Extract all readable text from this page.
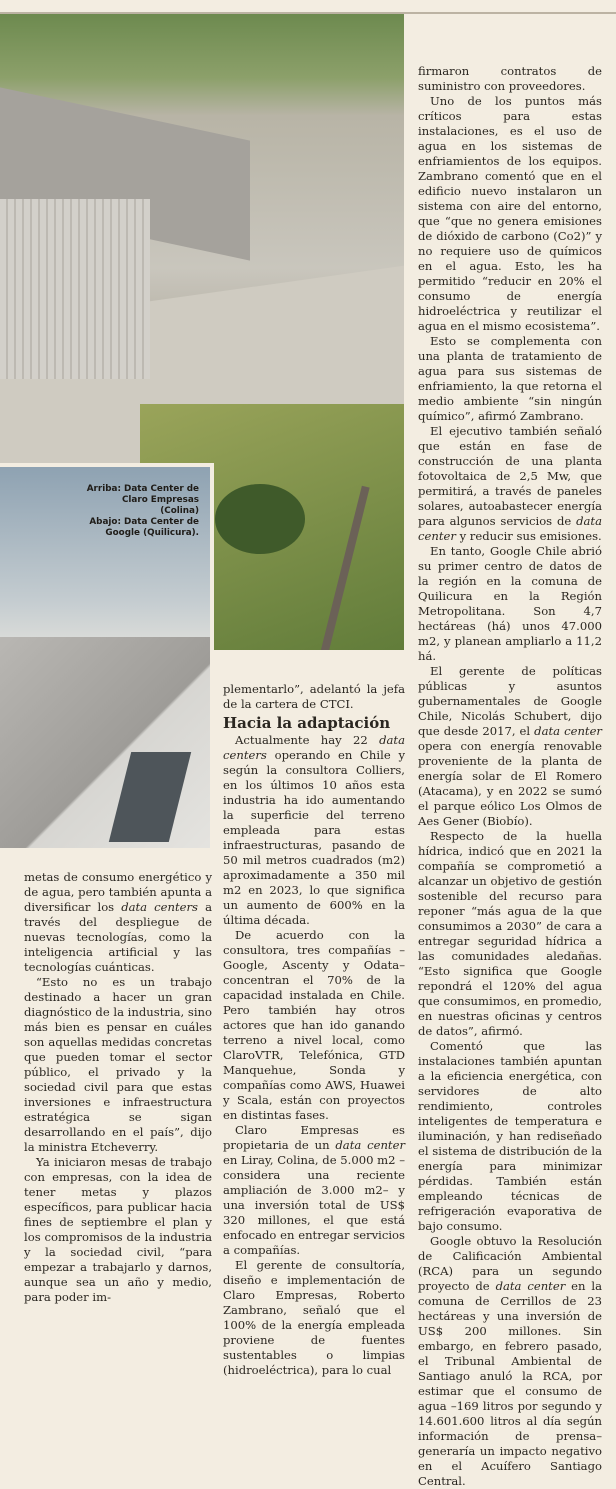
Arriba: Data Center de Claro Empresas (Colina)
Abajo: Data Center de Google (Quilicura).

metas de consumo energético y de agua, pero también apunta a diversificar los data centers a través del despliegue de nuevas tecnologías, como la inteligencia artificial y las tecnologías cuánticas.

“Esto no es un trabajo destinado a hacer un gran diagnóstico de la industria, sino más bien es pensar en cuáles son aquellas medidas concretas que pueden tomar el sector público, el privado y la sociedad civil para que estas inversiones e infraestructura estratégica se sigan desarrollando en el país”, dijo la ministra Etcheverry.

Ya iniciaron mesas de trabajo con empresas, con la idea de tener metas y plazos específicos, para publicar hacia fines de septiembre el plan y los compromisos de la industria y la sociedad civil, “para empezar a trabajarlo y darnos, aunque sea un año y medio, para poder im-

plementarlo”, adelantó la jefa de la cartera de CTCI.

Hacia la adaptación

Actualmente hay 22 data centers operando en Chile y según la consultora Colliers, en los últimos 10 años esta industria ha ido aumentando la superficie del terreno empleada para estas infraestructuras, pasando de 50 mil metros cuadrados (m2) aproximadamente a 350 mil m2 en 2023, lo que significa un aumento de 600% en la última década.

De acuerdo con la consultora, tres compañías –Google, Ascenty y Odata– concentran el 70% de la capacidad instalada en Chile. Pero también hay otros actores que han ido ganando terreno a nivel local, como ClaroVTR, Telefónica, GTD Manquehue, Sonda y compañías como AWS, Huawei y Scala, están con proyectos en distintas fases.

Claro Empresas es propietaria de un data center en Liray, Colina, de 5.000 m2 –considera una reciente ampliación de 3.000 m2– y una inversión total de US$ 320 millones, el que está enfocado en entregar servicios a compañías.

El gerente de consultoría, diseño e implementación de Claro Empresas, Roberto Zambrano, señaló que el 100% de la energía empleada proviene de fuentes sustentables o limpias (hidroeléctrica), para lo cual

firmaron contratos de suministro con proveedores.

Uno de los puntos más críticos para estas instalaciones, es el uso de agua en los sistemas de enfriamientos de los equipos. Zambrano comentó que en el edificio nuevo instalaron un sistema con aire del entorno, que “que no genera emisiones de dióxido de carbono (Co2)” y no requiere uso de químicos en el agua. Esto, les ha permitido “reducir en 20% el consumo de energía hidroeléctrica y reutilizar el agua en el mismo ecosistema”.

Esto se complementa con una planta de tratamiento de agua para sus sistemas de enfriamiento, la que retorna el medio ambiente “sin ningún químico”, afirmó Zambrano.

El ejecutivo también señaló que están en fase de construcción de una planta fotovoltaica de 2,5 Mw, que permitirá, a través de paneles solares, autoabastecer energía para algunos servicios de data center y reducir sus emisiones.

En tanto, Google Chile abrió su primer centro de datos de la región en la comuna de Quilicura en la Región Metropolitana. Son 4,7 hectáreas (há) unos 47.000 m2, y planean ampliarlo a 11,2 há.

El gerente de políticas públicas y asuntos gubernamentales de Google Chile, Nicolás Schubert, dijo que desde 2017, el data center opera con energía renovable proveniente de la planta de energía solar de El Romero (Atacama), y en 2022 se sumó el parque eólico Los Olmos de Aes Gener (Biobío).

Respecto de la huella hídrica, indicó que en 2021 la compañía se comprometió a alcanzar un objetivo de gestión sostenible del recurso para reponer “más agua de la que consumimos a 2030” de cara a entregar seguridad hídrica a las comunidades aledañas. “Esto significa que Google repondrá el 120% del agua que consumimos, en promedio, en nuestras oficinas y centros de datos”, afirmó.

Comentó que las instalaciones también apuntan a la eficiencia energética, con servidores de alto rendimiento, controles inteligentes de temperatura e iluminación, y han rediseñado el sistema de distribución de la energía para minimizar pérdidas. También están empleando técnicas de refrigeración evaporativa de bajo consumo.

Google obtuvo la Resolución de Calificación Ambiental (RCA) para un segundo proyecto de data center en la comuna de Cerrillos de 23 hectáreas y una inversión de US$ 200 millones. Sin embargo, en febrero pasado, el Tribunal Ambiental de Santiago anuló la RCA, por estimar que el consumo de agua –169 litros por segundo y 14.601.600 litros al día según información de prensa– generaría un impacto negativo en el Acuífero Santiago Central.
